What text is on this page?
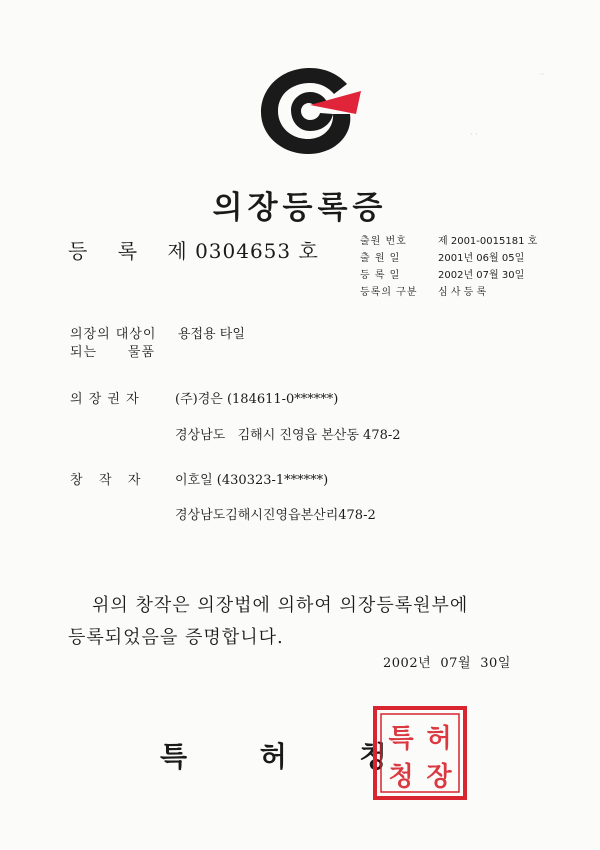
의장등록증
등 록 제 0304653 호	출원 번호	제 2001-0015181 호
출 원 일	2001년 06월 05일
등 록 일	2002년 07월 30일
등록의 구분	심 사 등 록
의장의 대상이
되는      물품
용접용 타일
의 장 권 자	(주)경은 (184611-0******)
경상남도   김해시 진영읍 본산동 478-2
창   작   자	이호일 (430323-1******)
경상남도김해시진영읍본산리478-2
위의 창작은 의장법에 의하여 의장등록원부에
등록되었음을 증명합니다.
2002년  07월  30일
특	허	청
특 허
청 장
··
· ·
